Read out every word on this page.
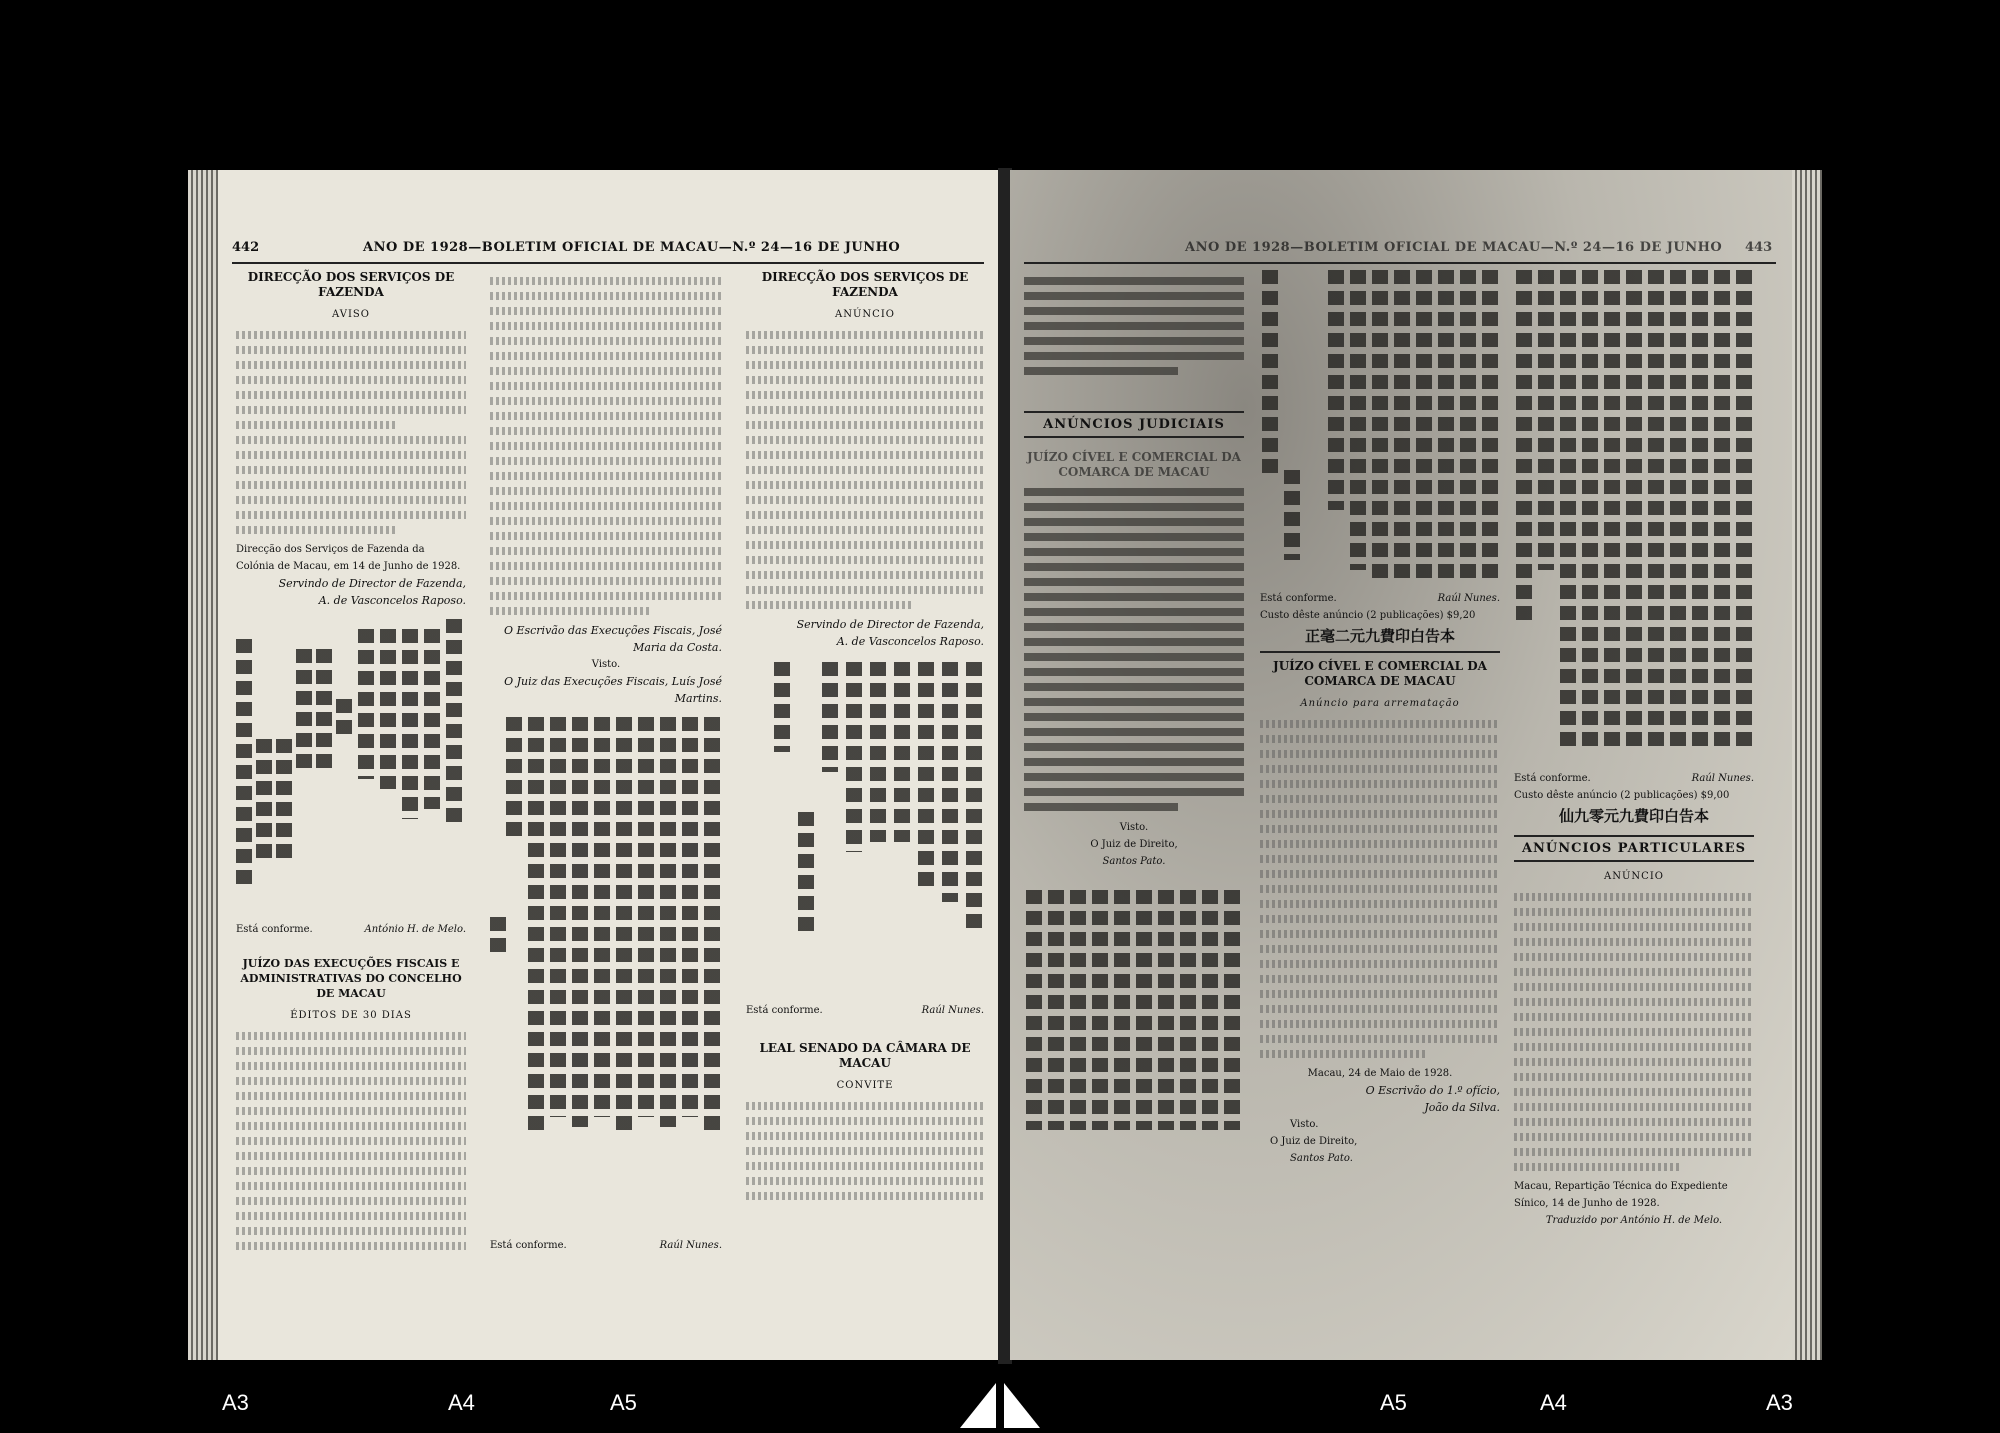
442	ANO DE 1928—BOLETIM OFICIAL DE MACAU—N.º 24—16 DE JUNHO
DIRECÇÃO DOS SERVIÇOS DE FAZENDA
AVISO
Direcção dos Serviços de Fazenda da Colónia de Macau, em 14 de Junho de 1928.
Servindo de Director de Fazenda,
A. de Vasconcelos Raposo.
Está conforme.	António H. de Melo.
JUÍZO DAS EXECUÇÕES FISCAIS E ADMINISTRATIVAS DO CONCELHO DE MACAU
ÉDITOS DE 30 DIAS
O Escrivão das Execuções Fiscais, José Maria da Costa.
Visto.
O Juiz das Execuções Fiscais, Luís José Martins.
Está conforme.	Raúl Nunes.
DIRECÇÃO DOS SERVIÇOS DE FAZENDA
ANÚNCIO
Servindo de Director de Fazenda,
A. de Vasconcelos Raposo.
Está conforme.	Raúl Nunes.
LEAL SENADO DA CÂMARA DE MACAU
CONVITE
ANO DE 1928—BOLETIM OFICIAL DE MACAU—N.º 24—16 DE JUNHO 443
ANÚNCIOS JUDICIAIS
JUÍZO CÍVEL E COMERCIAL DA COMARCA DE MACAU
Visto.
O Juiz de Direito,
Santos Pato.
Está conforme.	Raúl Nunes.
Custo dêste anúncio (2 publicações) $9,20
正毫二元九費印白告本
JUÍZO CÍVEL E COMERCIAL DA COMARCA DE MACAU
Anúncio para arrematação
Macau, 24 de Maio de 1928.
O Escrivão do 1.º ofício,
João da Silva.
Visto.
O Juiz de Direito,
Santos Pato.
Está conforme.	Raúl Nunes.
Custo dêste anúncio (2 publicações) $9,00
仙九零元九費印白告本
ANÚNCIOS PARTICULARES
ANÚNCIO
Macau, Repartição Técnica do Expediente Sínico, 14 de Junho de 1928.
Traduzido por António H. de Melo.
A3	A4	A5	A5	A4	A3
